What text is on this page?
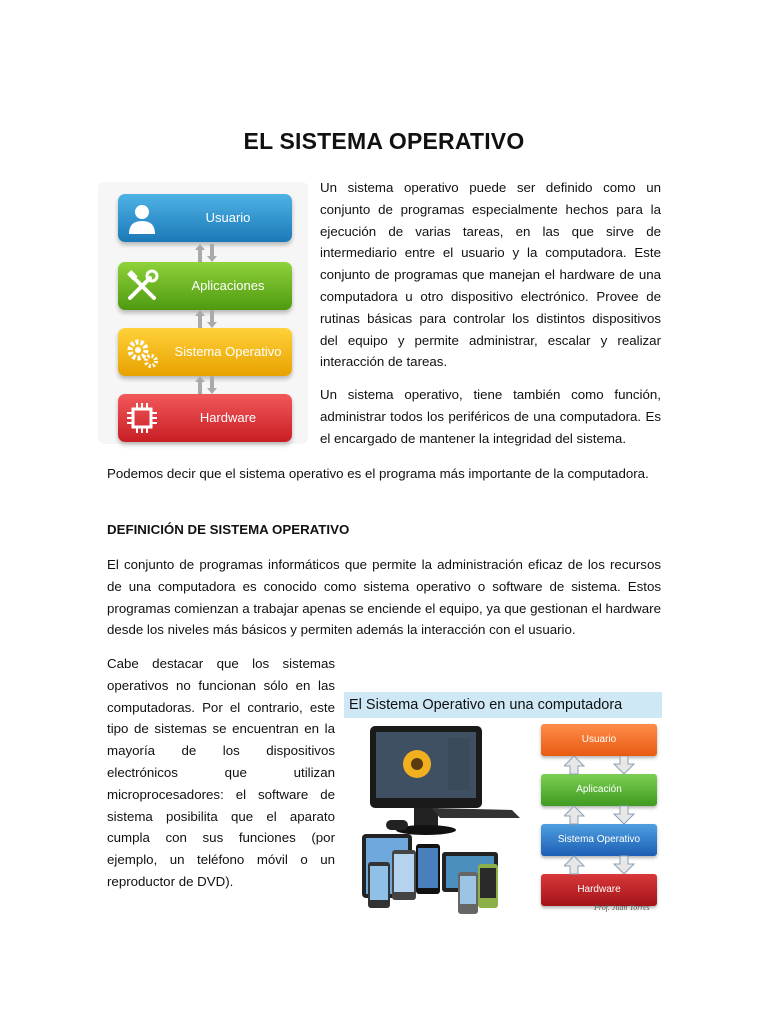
EL SISTEMA OPERATIVO
Usuario
Aplicaciones
Sistema Operativo
Hardware

Un sistema operativo puede ser definido como un conjunto de programas especialmente hechos para la ejecución de varias tareas, en las que sirve de intermediario entre el usuario y la computadora. Este conjunto de programas que manejan el hardware de una computadora u otro dispositivo electrónico. Provee de rutinas básicas para controlar los distintos dispositivos del equipo y permite administrar, escalar y realizar interacción de tareas.

Un sistema operativo, tiene también como función, administrar todos los periféricos de una computadora. Es el encargado de mantener la integridad del sistema.

Podemos decir que el sistema operativo es el programa más importante de la computadora.

DEFINICIÓN DE SISTEMA OPERATIVO

El conjunto de programas informáticos que permite la administración eficaz de los recursos de una computadora es conocido como sistema operativo o software de sistema. Estos programas comienzan a trabajar apenas se enciende el equipo, ya que gestionan el hardware desde los niveles más básicos y permiten además la interacción con el usuario.

Cabe destacar que los sistemas operativos no funcionan sólo en las computadoras. Por el contrario, este tipo de sistemas se encuentran en la mayoría de los dispositivos electrónicos que utilizan microprocesadores: el software de sistema posibilita que el aparato cumpla con sus funciones (por ejemplo, un teléfono móvil o un reproductor de DVD).

El Sistema Operativo en una computadora
Usuario
Aplicación
Sistema Operativo
Hardware
Prof. Juan Torres
